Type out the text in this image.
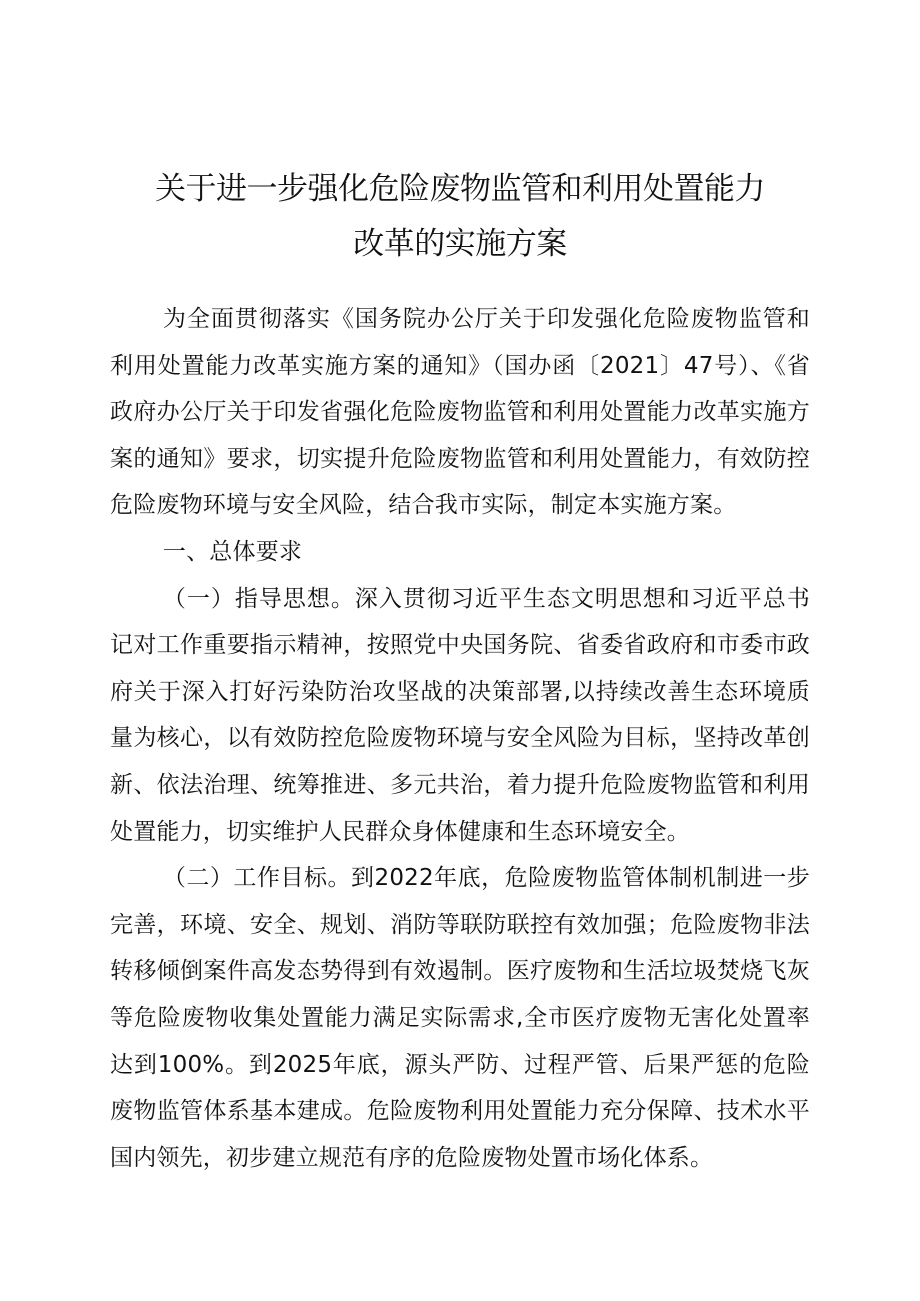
关于进一步强化危险废物监管和利用处置能力
改革的实施方案

为全面贯彻落实《国务院办公厅关于印发强化危险废物监管和利用处置能力改革实施方案的通知》（国办函〔2021〕47号）、《省政府办公厅关于印发省强化危险废物监管和利用处置能力改革实施方案的通知》要求，切实提升危险废物监管和利用处置能力，有效防控危险废物环境与安全风险，结合我市实际，制定本实施方案。

一、总体要求

（一）指导思想。深入贯彻习近平生态文明思想和习近平总书记对工作重要指示精神，按照党中央国务院、省委省政府和市委市政府关于深入打好污染防治攻坚战的决策部署,以持续改善生态环境质量为核心，以有效防控危险废物环境与安全风险为目标，坚持改革创新、依法治理、统筹推进、多元共治，着力提升危险废物监管和利用处置能力，切实维护人民群众身体健康和生态环境安全。

（二）工作目标。到2022年底，危险废物监管体制机制进一步完善，环境、安全、规划、消防等联防联控有效加强；危险废物非法转移倾倒案件高发态势得到有效遏制。医疗废物和生活垃圾焚烧飞灰等危险废物收集处置能力满足实际需求,全市医疗废物无害化处置率达到100%。到2025年底，源头严防、过程严管、后果严惩的危险废物监管体系基本建成。危险废物利用处置能力充分保障、技术水平国内领先，初步建立规范有序的危险废物处置市场化体系。
